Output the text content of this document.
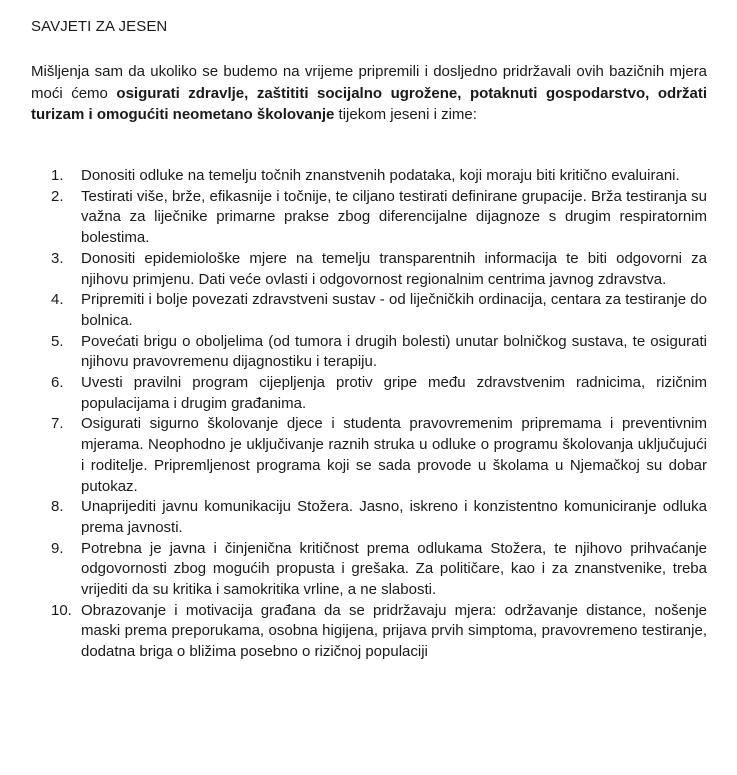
SAVJETI ZA JESEN
Mišljenja sam da ukoliko se budemo na vrijeme pripremili i dosljedno pridržavali ovih bazičnih mjera moći ćemo osigurati zdravlje, zaštititi socijalno ugrožene, potaknuti gospodarstvo, održati turizam i omogućiti neometano školovanje tijekom jeseni i zime:
1.	Donositi odluke na temelju točnih znanstvenih podataka, koji moraju biti kritično evaluirani.
2.	Testirati više, brže, efikasnije i točnije, te ciljano testirati definirane grupacije. Brža testiranja su važna za liječnike primarne prakse zbog diferencijalne dijagnoze s drugim respiratornim bolestima.
3.	Donositi epidemiološke mjere na temelju transparentnih informacija te biti odgovorni za njihovu primjenu. Dati veće ovlasti i odgovornost regionalnim centrima javnog zdravstva.
4.	Pripremiti i bolje povezati zdravstveni sustav - od liječničkih ordinacija, centara za testiranje do bolnica.
5.	Povećati brigu o oboljelima (od tumora i drugih bolesti) unutar bolničkog sustava, te osigurati njihovu pravovremenu dijagnostiku i terapiju.
6.	Uvesti pravilni program cijepljenja protiv gripe među zdravstvenim radnicima, rizičnim populacijama i drugim građanima.
7.	Osigurati sigurno školovanje djece i studenta pravovremenim pripremama i preventivnim mjerama. Neophodno je uključivanje raznih struka u odluke o programu školovanja uključujući i roditelje. Pripremljenost programa koji se sada provode u školama u Njemačkoj su dobar putokaz.
8.	Unaprijediti javnu komunikaciju Stožera. Jasno, iskreno i konzistentno komuniciranje odluka prema javnosti.
9.	Potrebna je javna i činjenična kritičnost prema odlukama Stožera, te njihovo prihvaćanje odgovornosti zbog mogućih propusta i grešaka. Za političare, kao i za znanstvenike, treba vrijediti da su kritika i samokritika vrline, a ne slabosti.
10. Obrazovanje i motivacija građana da se pridržavaju mjera: održavanje distance, nošenje maski prema preporukama, osobna higijena, prijava prvih simptoma, pravovremeno testiranje, dodatna briga o bližima posebno o rizičnoj populaciji
